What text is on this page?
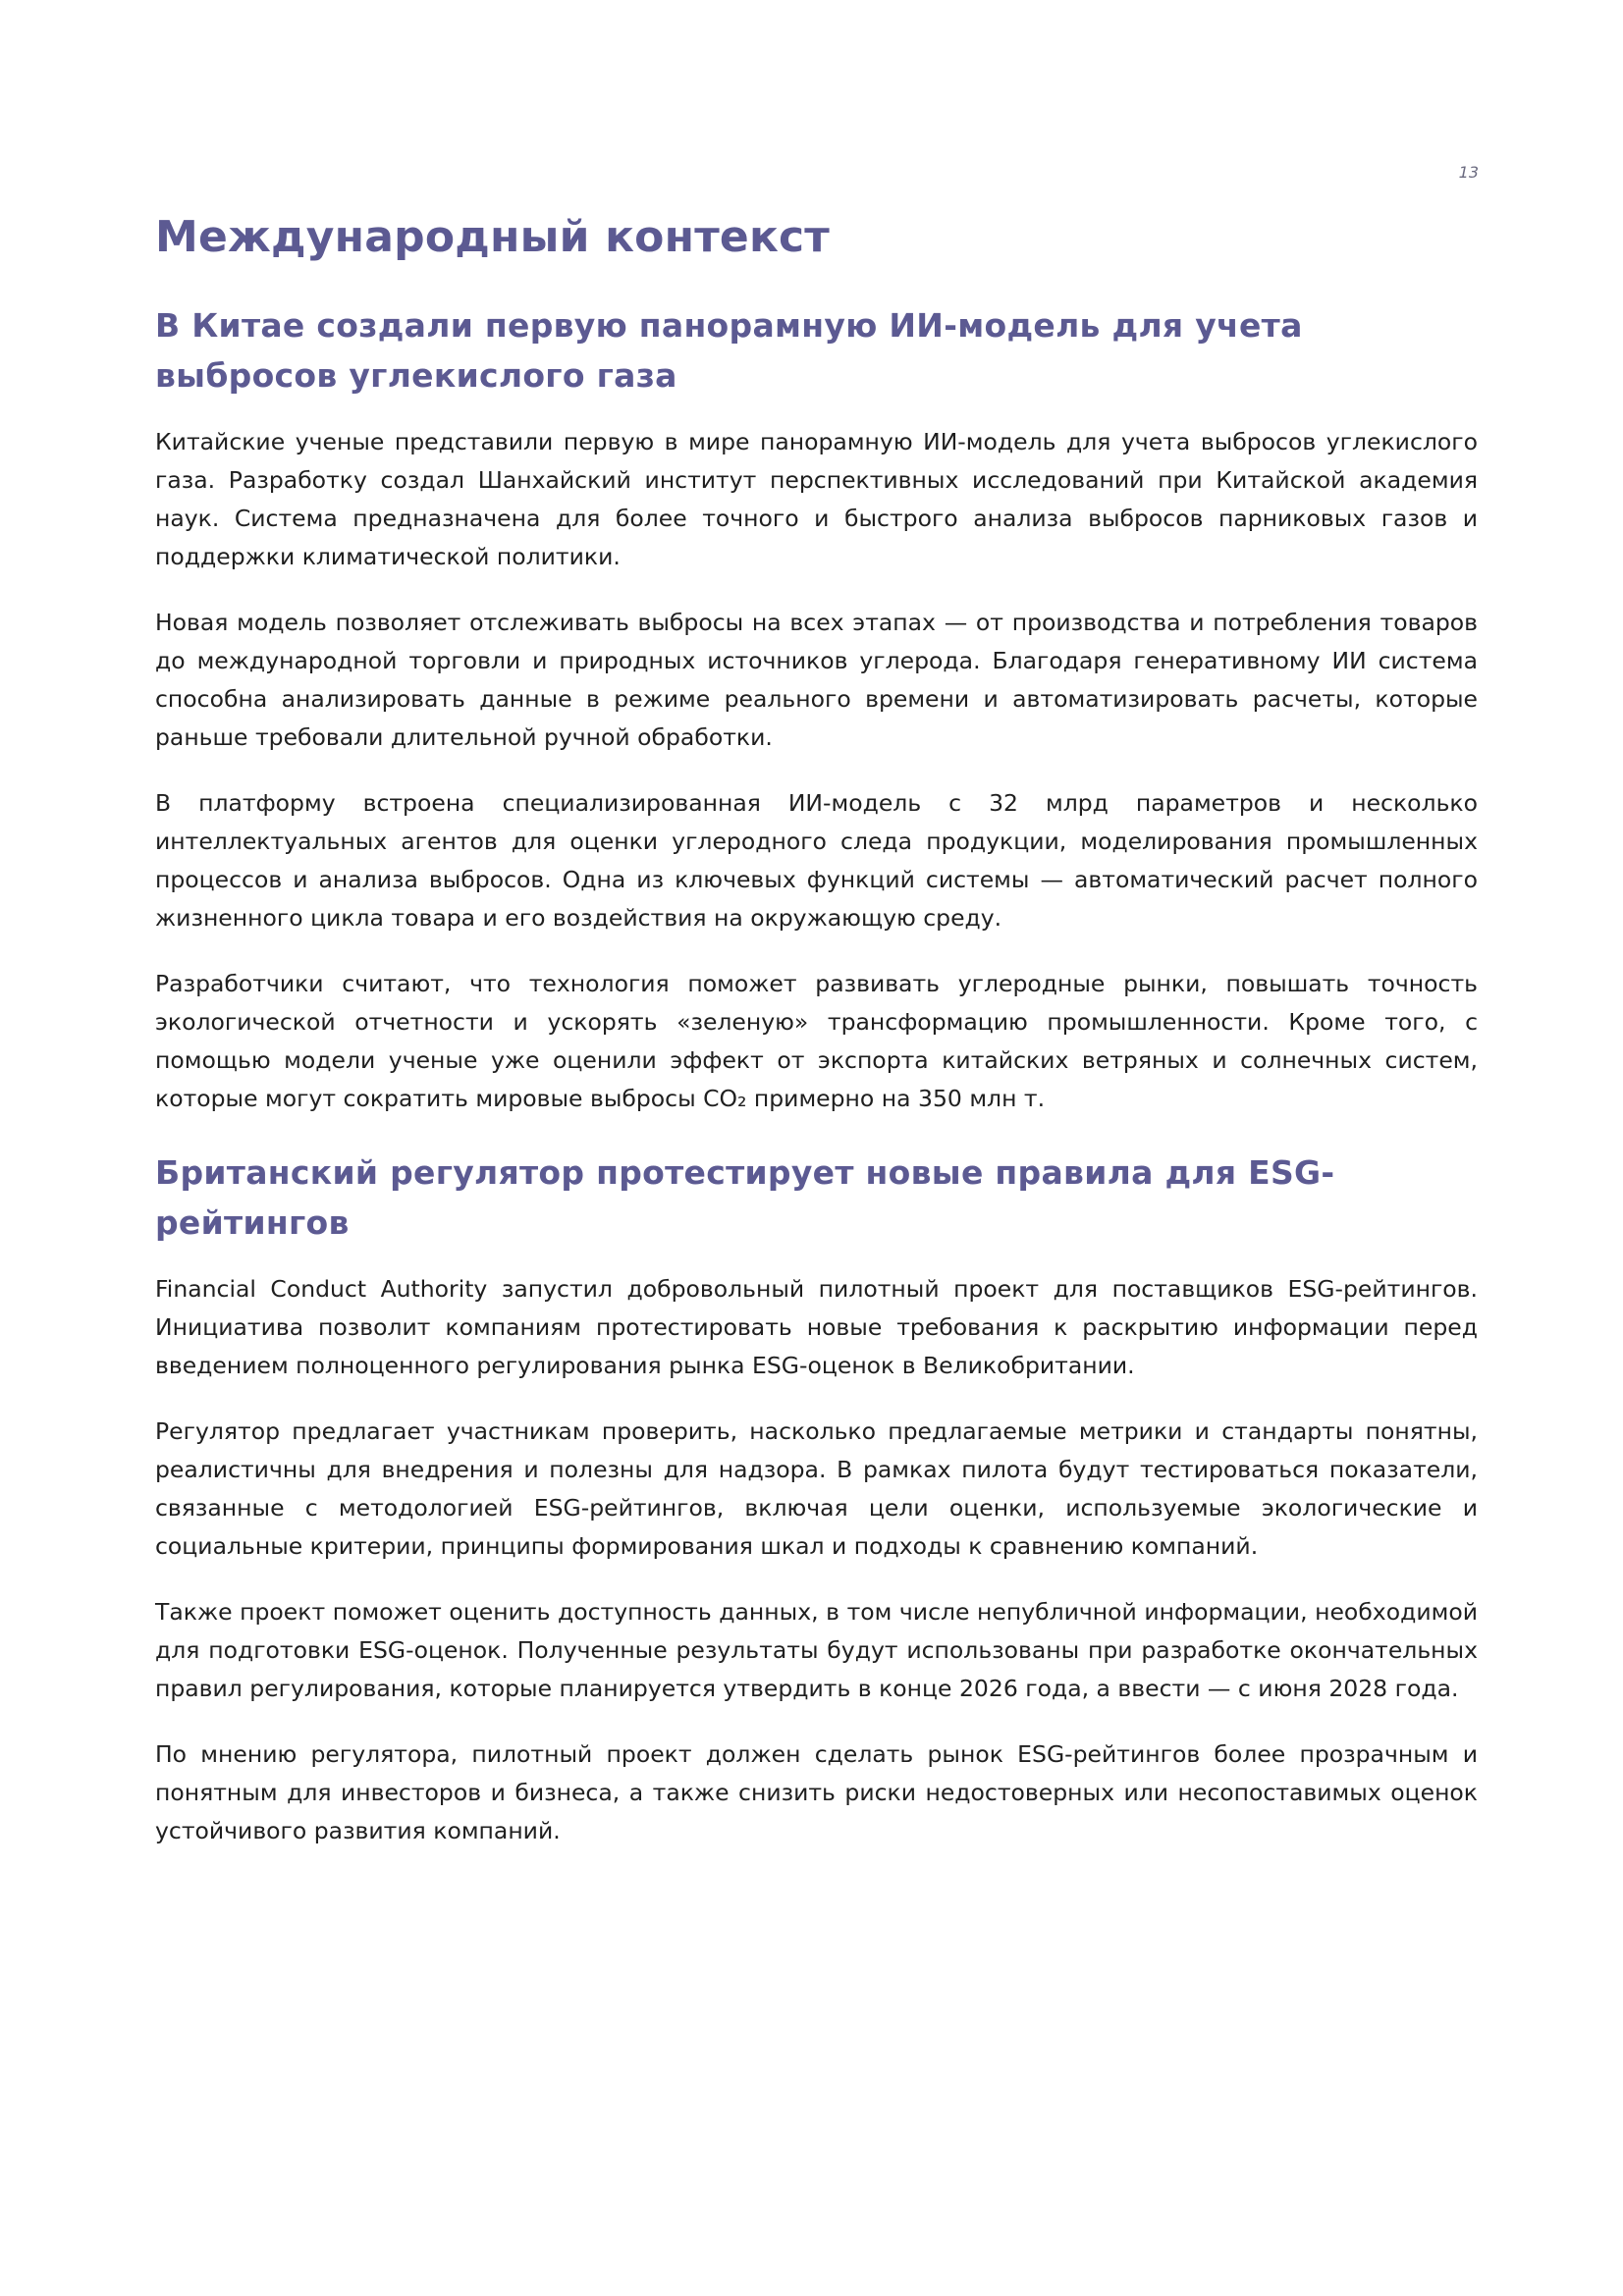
13
Международный контекст
В Китае создали первую панорамную ИИ-модель для учета выбросов углекислого газа

Китайские ученые представили первую в мире панорамную ИИ-модель для учета выбросов углекислого газа. Разработку создал Шанхайский институт перспективных исследований при Китайской академия наук. Система предназначена для более точного и быстрого анализа выбросов парниковых газов и поддержки климатической политики.

Новая модель позволяет отслеживать выбросы на всех этапах — от производства и потребления товаров до международной торговли и природных источников углерода. Благодаря генеративному ИИ система способна анализировать данные в режиме реального времени и автоматизировать расчеты, которые раньше требовали длительной ручной обработки.

В платформу встроена специализированная ИИ-модель с 32 млрд параметров и несколько интеллектуальных агентов для оценки углеродного следа продукции, моделирования промышленных процессов и анализа выбросов. Одна из ключевых функций системы — автоматический расчет полного жизненного цикла товара и его воздействия на окружающую среду.

Разработчики считают, что технология поможет развивать углеродные рынки, повышать точность экологической отчетности и ускорять «зеленую» трансформацию промышленности. Кроме того, с помощью модели ученые уже оценили эффект от экспорта китайских ветряных и солнечных систем, которые могут сократить мировые выбросы CO₂ примерно на 350 млн т.

Британский регулятор протестирует новые правила для ESG-рейтингов

Financial Conduct Authority запустил добровольный пилотный проект для поставщиков ESG-рейтингов. Инициатива позволит компаниям протестировать новые требования к раскрытию информации перед введением полноценного регулирования рынка ESG-оценок в Великобритании.

Регулятор предлагает участникам проверить, насколько предлагаемые метрики и стандарты понятны, реалистичны для внедрения и полезны для надзора. В рамках пилота будут тестироваться показатели, связанные с методологией ESG-рейтингов, включая цели оценки, используемые экологические и социальные критерии, принципы формирования шкал и подходы к сравнению компаний.

Также проект поможет оценить доступность данных, в том числе непубличной информации, необходимой для подготовки ESG-оценок. Полученные результаты будут использованы при разработке окончательных правил регулирования, которые планируется утвердить в конце 2026 года, а ввести — с июня 2028 года.

По мнению регулятора, пилотный проект должен сделать рынок ESG-рейтингов более прозрачным и понятным для инвесторов и бизнеса, а также снизить риски недостоверных или несопоставимых оценок устойчивого развития компаний.
